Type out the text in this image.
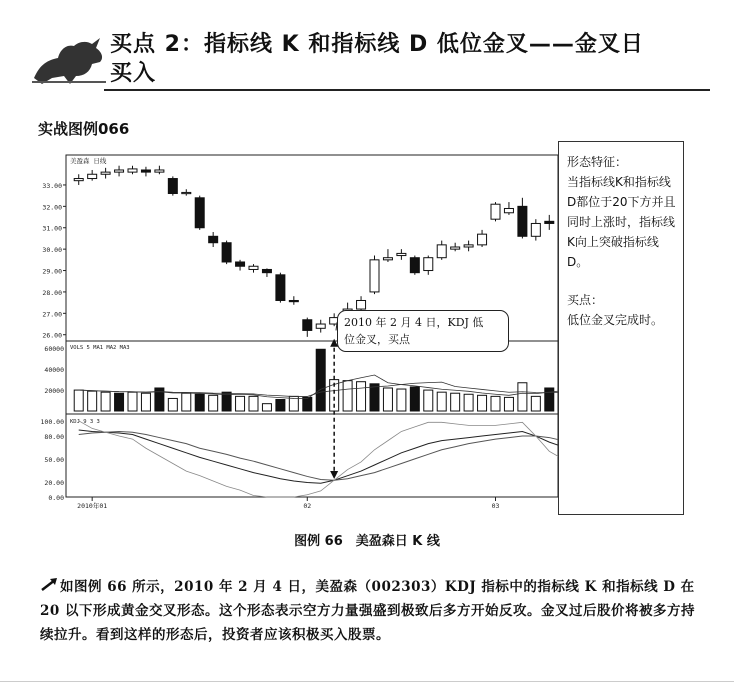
买点 2：指标线 K 和指标线 D 低位金叉——金叉日
买入
实战图例066
33.00
32.00
31.00
30.00
29.00
28.00
27.00
26.00
美盈森 日线
60000
40000
20000
VOLS 5 MA1 MA2 MA3
100.00
80.00
50.00
20.00
0.00
KDJ 9 3 3
2010年01	02	03

形态特征：

当指标线K和指标线D都位于20下方并且同时上涨时，指标线K向上突破指标线D。

买点：

低位金叉完成时。

2010 年 2 月 4 日，KDJ 低
位金叉，买点
图例 66　美盈森日 K 线
如图例 66 所示，2010 年 2 月 4 日，美盈森（002303）KDJ 指标中的指标线 K 和指标线 D 在 20 以下形成黄金交叉形态。这个形态表示空方力量强盛到极致后多方开始反攻。金叉过后股价将被多方持续拉升。看到这样的形态后，投资者应该积极买入股票。
